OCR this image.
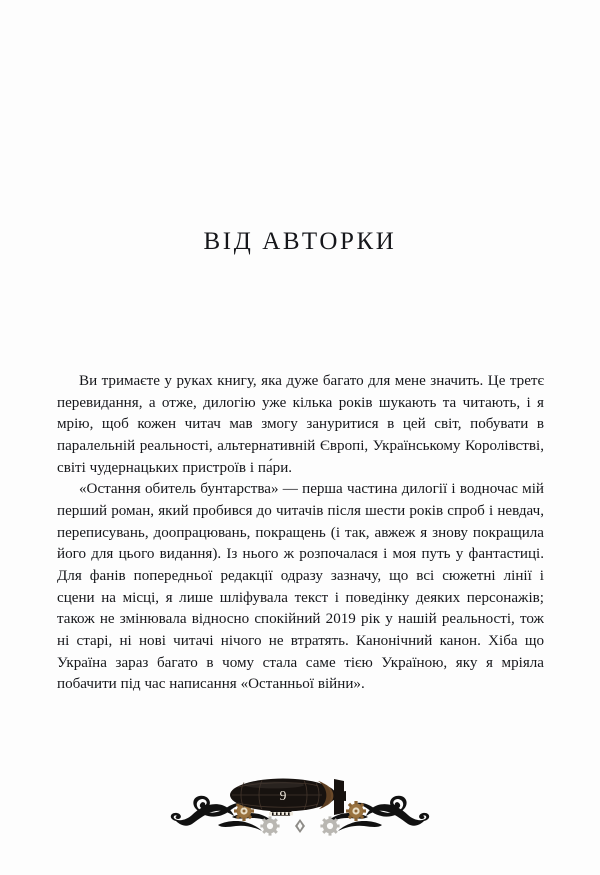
ВІД АВТОРКИ

Ви тримаєте у руках книгу, яка дуже багато для мене значить. Це третє перевидання, а отже, дилогію уже кілька років шукають та читають, і я мрію, щоб кожен читач мав змогу зануритися в цей світ, побувати в паралельній реальності, альтернативній Європі, Українському Королівстві, світі чудернацьких пристроїв і па́ри.

«Остання обитель бунтарства» — перша частина дилогії і водночас мій перший роман, який пробився до читачів після шести років спроб і невдач, переписувань, доопрацювань, покращень (і так, авжеж я знову покращила його для цього видання). Із нього ж розпочалася і моя путь у фантастиці. Для фанів попередньої редакції одразу зазначу, що всі сюжетні лінії і сцени на місці, я лише шліфувала текст і поведінку деяких персонажів; також не змінювала відносно спокійний 2019 рік у нашій реальності, тож ні старі, ні нові читачі нічого не втратять. Канонічний канон. Хіба що Україна зараз багато в чому стала саме тією Україною, яку я мріяла побачити під час написання «Останньої війни».

9
